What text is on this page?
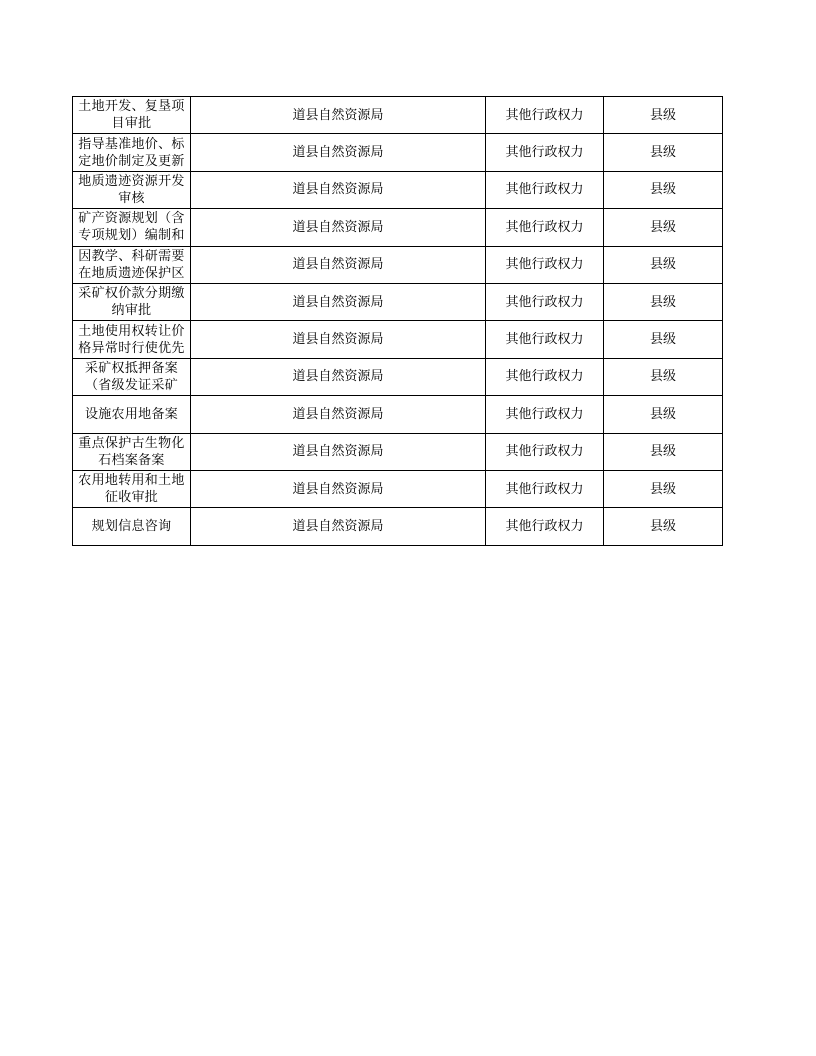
土地开发、复垦项目审批	道县自然资源局	其他行政权力	县级

指导基准地价、标定地价制定及更新	道县自然资源局	其他行政权力	县级

地质遗迹资源开发审核	道县自然资源局	其他行政权力	县级

矿产资源规划（含专项规划）编制和	道县自然资源局	其他行政权力	县级

因教学、科研需要在地质遗迹保护区	道县自然资源局	其他行政权力	县级

采矿权价款分期缴纳审批	道县自然资源局	其他行政权力	县级

土地使用权转让价格异常时行使优先	道县自然资源局	其他行政权力	县级

采矿权抵押备案（省级发证采矿	道县自然资源局	其他行政权力	县级

设施农用地备案	道县自然资源局	其他行政权力	县级

重点保护古生物化石档案备案	道县自然资源局	其他行政权力	县级

农用地转用和土地征收审批	道县自然资源局	其他行政权力	县级

规划信息咨询	道县自然资源局	其他行政权力	县级
